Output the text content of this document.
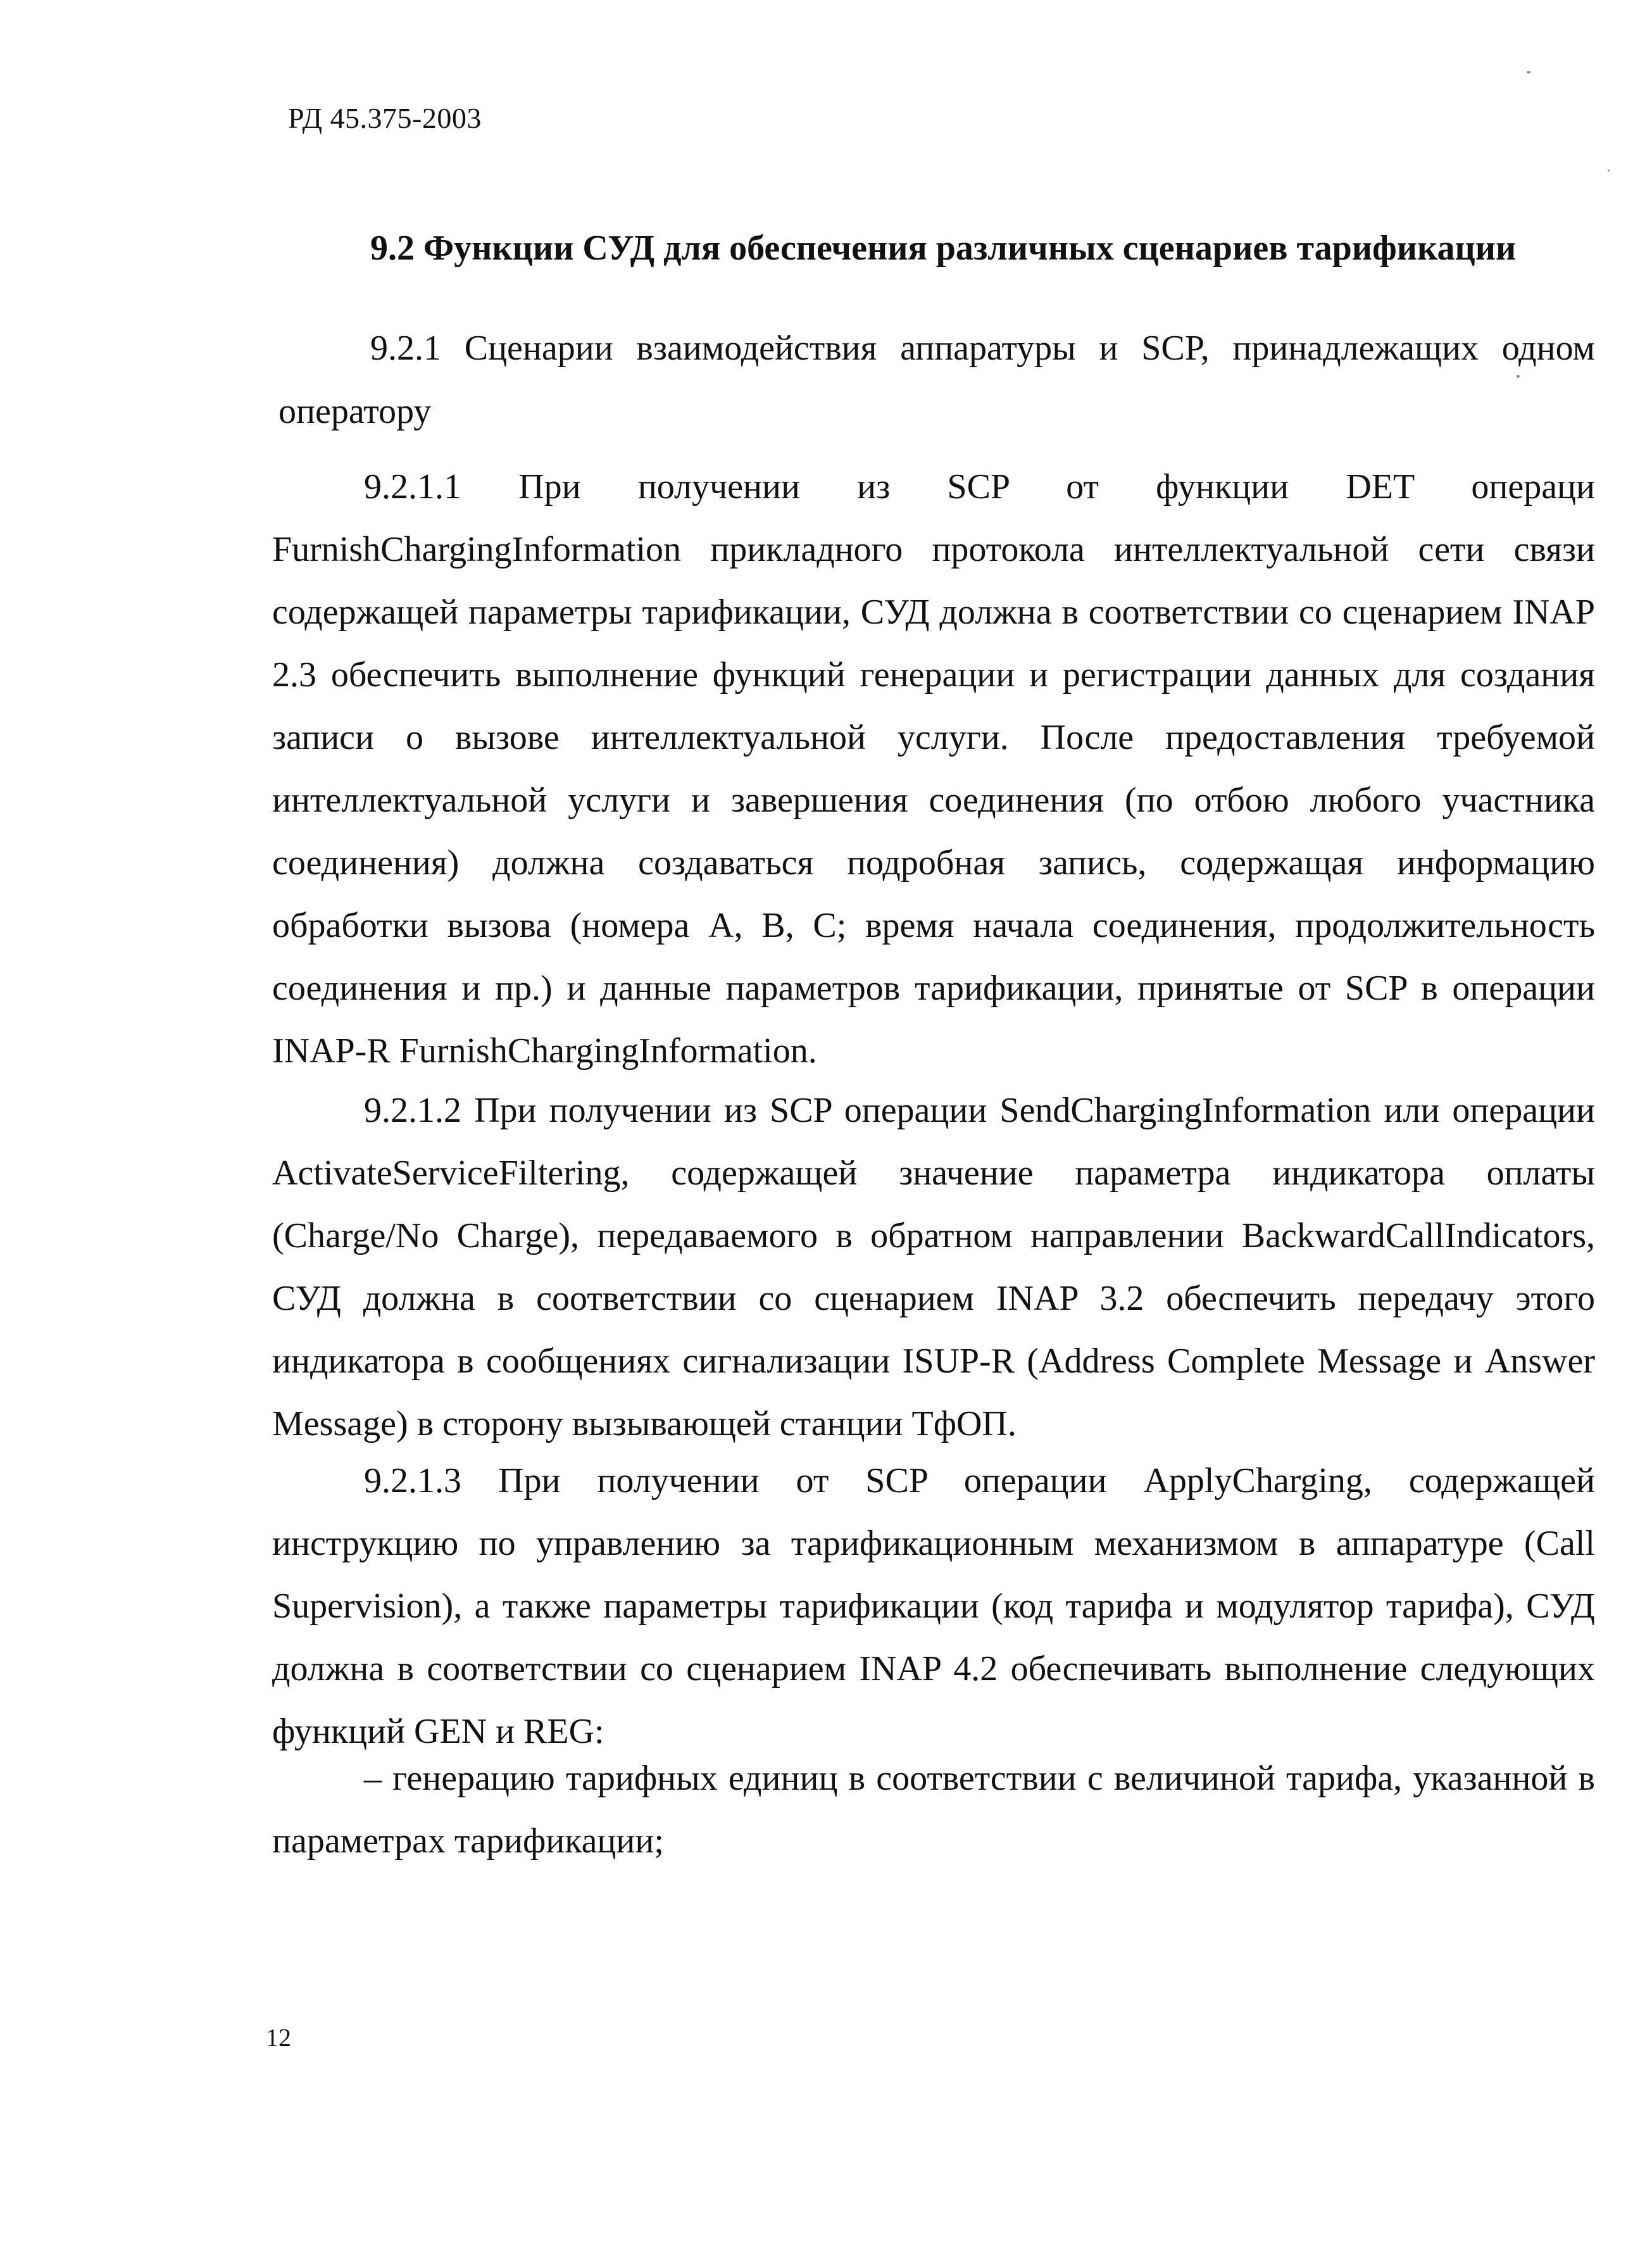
РД 45.375-2003
9.2 Функции СУД для обеспечения различных сценариев тарификации
9.2.1 Сценарии взаимодействия аппаратуры и SCP, принадлежащих одном оператору
9.2.1.1 При получении из SCP от функции DET операци FurnishChargingInformation прикладного протокола интеллектуальной сети связи содержащей параметры тарификации, СУД должна в соответствии со сценарием INAP 2.3 обеспечить выполнение функций генерации и регистрации данных для создания записи о вызове интеллектуальной услуги. После предоставления требуемой интеллектуальной услуги и завершения соединения (по отбою любого участника соединения) должна создаваться подробная запись, содержащая информацию обработки вызова (номера А, В, С; время начала соединения, продолжительность соединения и пр.) и данные параметров тарификации, принятые от SCP в операции INAP-R FurnishChargingInformation.
9.2.1.2 При получении из SCP операции SendChargingInformation или операции ActivateServiceFiltering, содержащей значение параметра индикатора оплаты (Charge/No Charge), передаваемого в обратном направлении BackwardCallIndicators, СУД должна в соответствии со сценарием INAP 3.2 обеспечить передачу этого индикатора в сообщениях сигнализации ISUP-R (Address Complete Message и Answer Message) в сторону вызывающей станции ТфОП.
9.2.1.3 При получении от SCP операции ApplyCharging, содержащей инструкцию по управлению за тарификационным механизмом в аппаратуре (Call Supervision), а также параметры тарификации (код тарифа и модулятор тарифа), СУД должна в соответствии со сценарием INAP 4.2 обеспечивать выполнение следующих функций GEN и REG:
– генерацию тарифных единиц в соответствии с величиной тарифа, указанной в параметрах тарификации;
12
